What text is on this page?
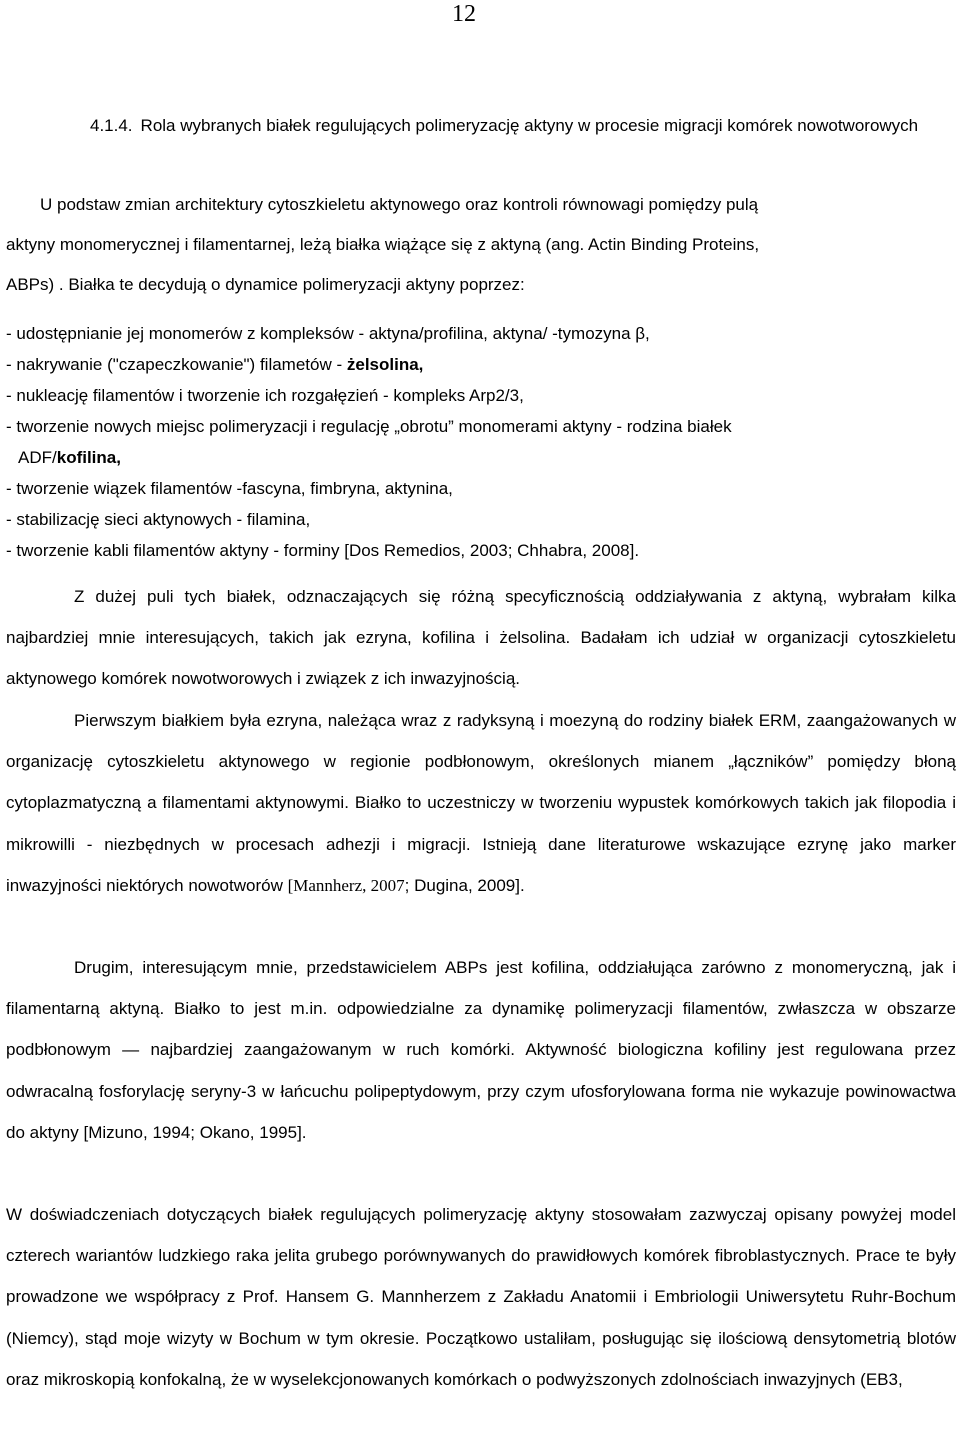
12
4.1.4. Rola wybranych białek regulujących polimeryzację aktyny w procesie migracji komórek nowotworowych
U podstaw zmian architektury cytoszkieletu aktynowego oraz kontroli równowagi pomiędzy pulą
aktyny monomerycznej i filamentarnej, leżą białka wiążące się z aktyną (ang. Actin Binding Proteins,
ABPs) . Białka te decydują o dynamice polimeryzacji aktyny poprzez:
- udostępnianie jej monomerów z kompleksów - aktyna/profilina, aktyna/ -tymozyna β,
- nakrywanie ("czapeczkowanie") filametów - żelsolina,
- nukleację filamentów i tworzenie ich rozgałęzień - kompleks Arp2/3,
- tworzenie nowych miejsc polimeryzacji i regulację „obrotu” monomerami aktyny - rodzina białek
ADF/kofilina,
- tworzenie wiązek filamentów -fascyna, fimbryna, aktynina,
- stabilizację sieci aktynowych - filamina,
- tworzenie kabli filamentów aktyny - forminy [Dos Remedios, 2003; Chhabra, 2008].

Z dużej puli tych białek, odznaczających się różną specyficznością oddziaływania z aktyną, wybrałam kilka najbardziej mnie interesujących, takich jak ezryna, kofilina i żelsolina. Badałam ich udział w organizacji cytoszkieletu aktynowego komórek nowotworowych i związek z ich inwazyjnością.

Pierwszym białkiem była ezryna, należąca wraz z radyksyną i moezyną do rodziny białek ERM, zaangażowanych w organizację cytoszkieletu aktynowego w regionie podbłonowym, określonych mianem „łączników” pomiędzy błoną cytoplazmatyczną a filamentami aktynowymi. Białko to uczestniczy w tworzeniu wypustek komórkowych takich jak filopodia i mikrowilli - niezbędnych w procesach adhezji i migracji. Istnieją dane literaturowe wskazujące ezrynę jako marker inwazyjności niektórych nowotworów [Mannherz, 2007; Dugina, 2009].

Drugim, interesującym mnie, przedstawicielem ABPs jest kofilina, oddziałująca zarówno z monomeryczną, jak i filamentarną aktyną. Białko to jest m.in. odpowiedzialne za dynamikę polimeryzacji filamentów, zwłaszcza w obszarze podbłonowym — najbardziej zaangażowanym w ruch komórki. Aktywność biologiczna kofiliny jest regulowana przez odwracalną fosforylację seryny-3 w łańcuchu polipeptydowym, przy czym ufosforylowana forma nie wykazuje powinowactwa do aktyny [Mizuno, 1994; Okano, 1995].

W doświadczeniach dotyczących białek regulujących polimeryzację aktyny stosowałam zazwyczaj opisany powyżej model czterech wariantów ludzkiego raka jelita grubego porównywanych do prawidłowych komórek fibroblastycznych. Prace te były prowadzone we współpracy z Prof. Hansem G. Mannherzem z Zakładu Anatomii i Embriologii Uniwersytetu Ruhr-Bochum (Niemcy), stąd moje wizyty w Bochum w tym okresie. Początkowo ustaliłam, posługując się ilościową densytometrią blotów oraz mikroskopią konfokalną, że w wyselekcjonowanych komórkach o podwyższonych zdolnościach inwazyjnych (EB3,
